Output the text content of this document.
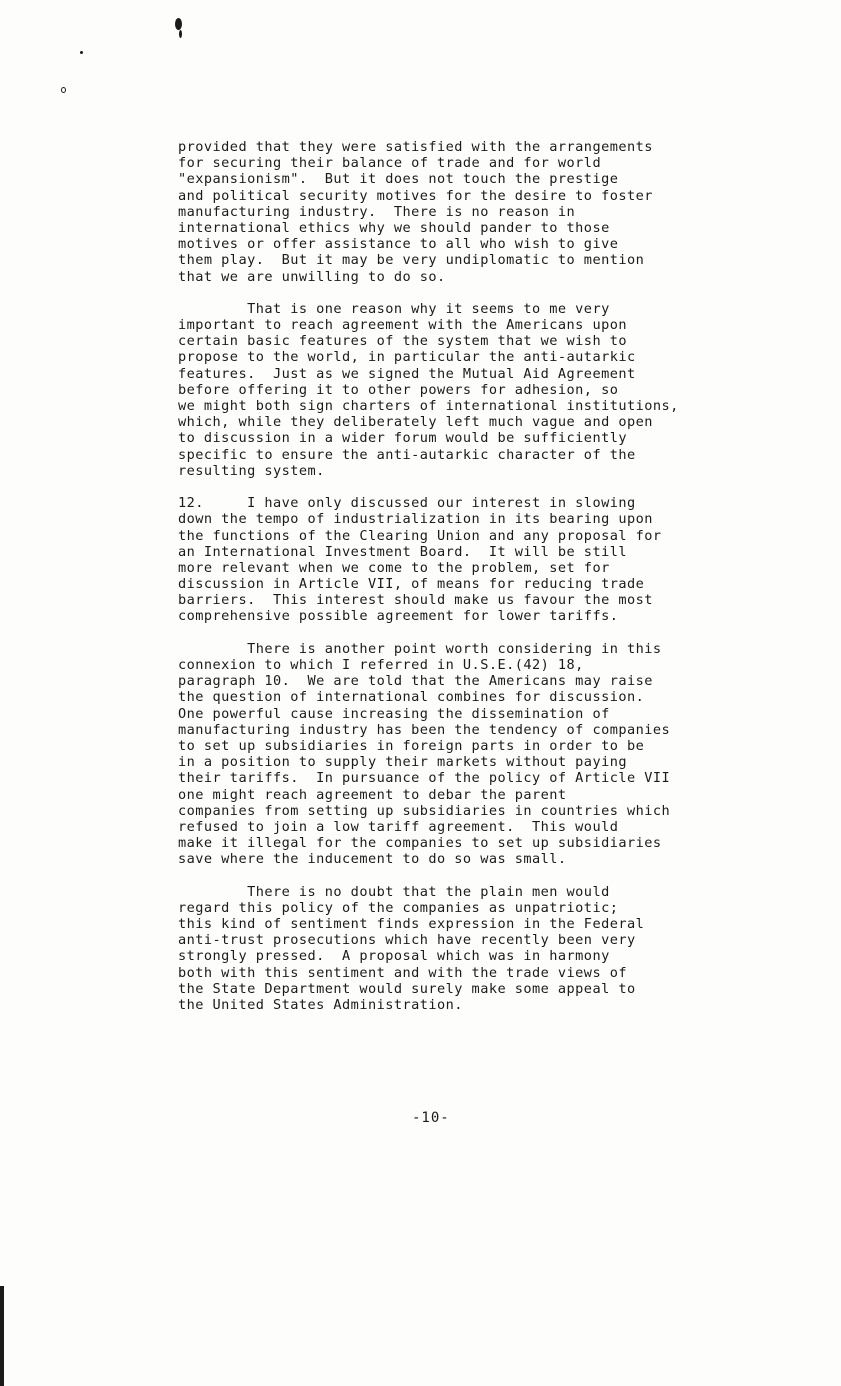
provided that they were satisfied with the arrangements
for securing their balance of trade and for world
"expansionism".  But it does not touch the prestige
and political security motives for the desire to foster
manufacturing industry.  There is no reason in
international ethics why we should pander to those
motives or offer assistance to all who wish to give
them play.  But it may be very undiplomatic to mention
that we are unwilling to do so.
That is one reason why it seems to me very
important to reach agreement with the Americans upon
certain basic features of the system that we wish to
propose to the world, in particular the anti-autarkic
features.  Just as we signed the Mutual Aid Agreement
before offering it to other powers for adhesion, so
we might both sign charters of international institutions,
which, while they deliberately left much vague and open
to discussion in a wider forum would be sufficiently
specific to ensure the anti-autarkic character of the
resulting system.
12.     I have only discussed our interest in slowing
down the tempo of industrialization in its bearing upon
the functions of the Clearing Union and any proposal for
an International Investment Board.  It will be still
more relevant when we come to the problem, set for
discussion in Article VII, of means for reducing trade
barriers.  This interest should make us favour the most
comprehensive possible agreement for lower tariffs.
There is another point worth considering in this
connexion to which I referred in U.S.E.(42) 18,
paragraph 10.  We are told that the Americans may raise
the question of international combines for discussion.
One powerful cause increasing the dissemination of
manufacturing industry has been the tendency of companies
to set up subsidiaries in foreign parts in order to be
in a position to supply their markets without paying
their tariffs.  In pursuance of the policy of Article VII
one might reach agreement to debar the parent
companies from setting up subsidiaries in countries which
refused to join a low tariff agreement.  This would
make it illegal for the companies to set up subsidiaries
save where the inducement to do so was small.
There is no doubt that the plain men would
regard this policy of the companies as unpatriotic;
this kind of sentiment finds expression in the Federal
anti-trust prosecutions which have recently been very
strongly pressed.  A proposal which was in harmony
both with this sentiment and with the trade views of
the State Department would surely make some appeal to
the United States Administration.
-10-
